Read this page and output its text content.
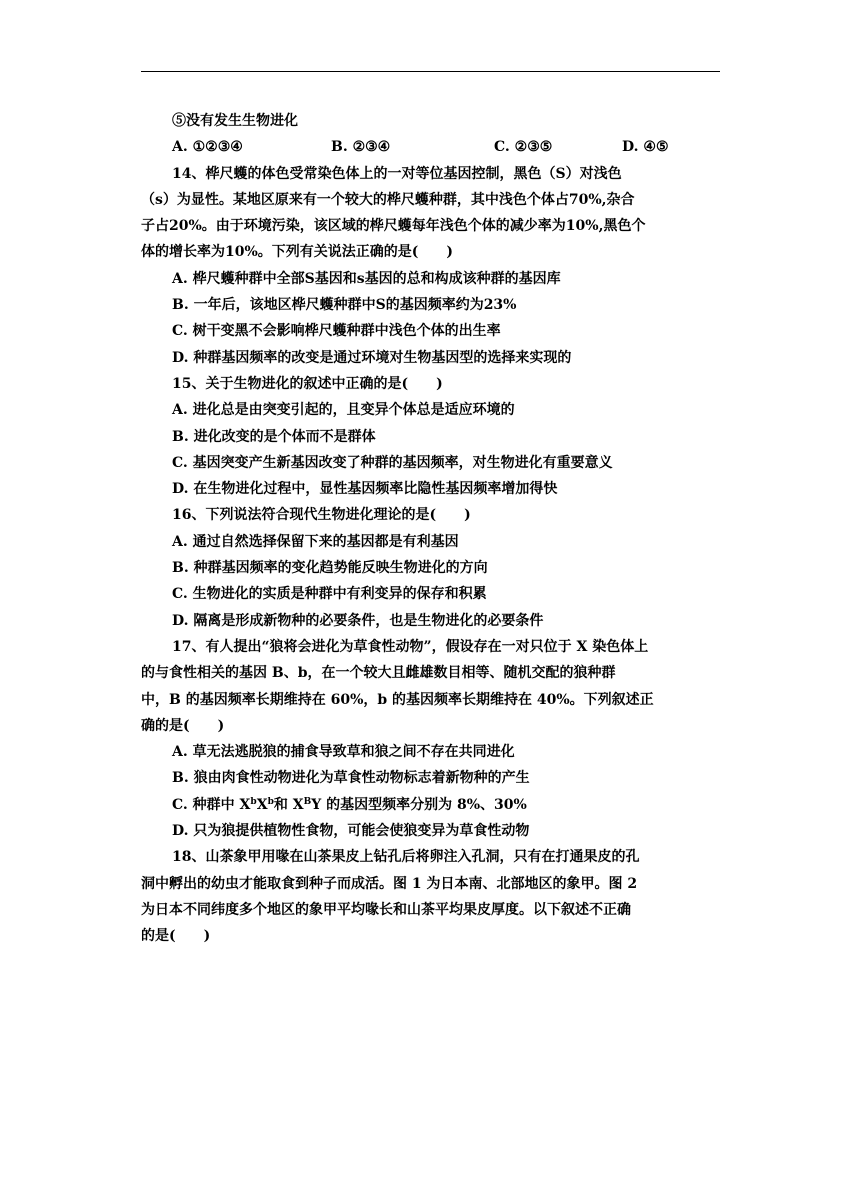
⑤没有发生生物进化
A. ①②③④	B. ②③④	C. ②③⑤	D. ④⑤
14、桦尺蠖的体色受常染色体上的一对等位基因控制，黑色（S）对浅色
（s）为显性。某地区原来有一个较大的桦尺蠖种群，其中浅色个体占70%,杂合
子占20%。由于环境污染，该区域的桦尺蠖每年浅色个体的减少率为10%,黑色个
体的增长率为10%。下列有关说法正确的是(　　)
A. 桦尺蠖种群中全部S基因和s基因的总和构成该种群的基因库
B. 一年后，该地区桦尺蠖种群中S的基因频率约为23%
C. 树干变黑不会影响桦尺蠖种群中浅色个体的出生率
D. 种群基因频率的改变是通过环境对生物基因型的选择来实现的
15、关于生物进化的叙述中正确的是(　　)
A. 进化总是由突变引起的，且变异个体总是适应环境的
B. 进化改变的是个体而不是群体
C. 基因突变产生新基因改变了种群的基因频率，对生物进化有重要意义
D. 在生物进化过程中，显性基因频率比隐性基因频率增加得快
16、下列说法符合现代生物进化理论的是(　　)
A. 通过自然选择保留下来的基因都是有利基因
B. 种群基因频率的变化趋势能反映生物进化的方向
C. 生物进化的实质是种群中有利变异的保存和积累
D. 隔离是形成新物种的必要条件，也是生物进化的必要条件
17、有人提出“狼将会进化为草食性动物”，假设存在一对只位于 X 染色体上
的与食性相关的基因 B、b，在一个较大且雌雄数目相等、随机交配的狼种群
中，B 的基因频率长期维持在 60%，b 的基因频率长期维持在 40%。下列叙述正
确的是(　　)
A. 草无法逃脱狼的捕食导致草和狼之间不存在共同进化
B. 狼由肉食性动物进化为草食性动物标志着新物种的产生
C. 种群中 $X^bX^b$和 $X^BY$ 的基因型频率分别为 8%、30%
D. 只为狼提供植物性食物，可能会使狼变异为草食性动物
18、山茶象甲用喙在山茶果皮上钻孔后将卵注入孔洞，只有在打通果皮的孔
洞中孵出的幼虫才能取食到种子而成活。图 1 为日本南、北部地区的象甲。图 2
为日本不同纬度多个地区的象甲平均喙长和山茶平均果皮厚度。以下叙述不正确
的是(　　)
